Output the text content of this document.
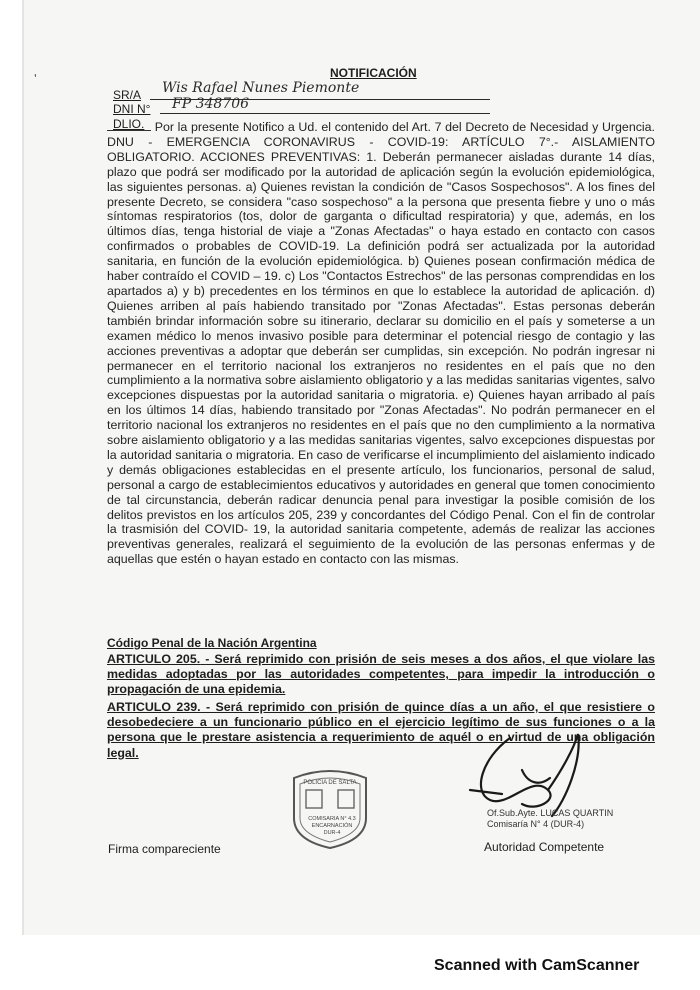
ʽ	NOTIFICACIÓN
SR/A Wis Rafael Nunes Piemonte
DNI N° FP 348706
DLIO. Por la presente Notifico a Ud. el contenido del Art. 7 del Decreto de Necesidad y Urgencia. DNU - EMERGENCIA CORONAVIRUS - COVID-19: ARTÍCULO 7°.- AISLAMIENTO OBLIGATORIO. ACCIONES PREVENTIVAS: 1. Deberán permanecer aisladas durante 14 días, plazo que podrá ser modificado por la autoridad de aplicación según la evolución epidemiológica, las siguientes personas. a) Quienes revistan la condición de "Casos Sospechosos". A los fines del presente Decreto, se considera "caso sospechoso" a la persona que presenta fiebre y uno o más síntomas respiratorios (tos, dolor de garganta o dificultad respiratoria) y que, además, en los últimos días, tenga historial de viaje a "Zonas Afectadas" o haya estado en contacto con casos confirmados o probables de COVID-19. La definición podrá ser actualizada por la autoridad sanitaria, en función de la evolución epidemiológica. b) Quienes posean confirmación médica de haber contraído el COVID – 19. c) Los "Contactos Estrechos" de las personas comprendidas en los apartados a) y b) precedentes en los términos en que lo establece la autoridad de aplicación. d) Quienes arriben al país habiendo transitado por "Zonas Afectadas". Estas personas deberán también brindar información sobre su itinerario, declarar su domicilio en el país y someterse a un examen médico lo menos invasivo posible para determinar el potencial riesgo de contagio y las acciones preventivas a adoptar que deberán ser cumplidas, sin excepción. No podrán ingresar ni permanecer en el territorio nacional los extranjeros no residentes en el país que no den cumplimiento a la normativa sobre aislamiento obligatorio y a las medidas sanitarias vigentes, salvo excepciones dispuestas por la autoridad sanitaria o migratoria. e) Quienes hayan arribado al país en los últimos 14 días, habiendo transitado por "Zonas Afectadas". No podrán permanecer en el territorio nacional los extranjeros no residentes en el país que no den cumplimiento a la normativa sobre aislamiento obligatorio y a las medidas sanitarias vigentes, salvo excepciones dispuestas por la autoridad sanitaria o migratoria. En caso de verificarse el incumplimiento del aislamiento indicado y demás obligaciones establecidas en el presente artículo, los funcionarios, personal de salud, personal a cargo de establecimientos educativos y autoridades en general que tomen conocimiento de tal circunstancia, deberán radicar denuncia penal para investigar la posible comisión de los delitos previstos en los artículos 205, 239 y concordantes del Código Penal. Con el fin de controlar la trasmisión del COVID- 19, la autoridad sanitaria competente, además de realizar las acciones preventivas generales, realizará el seguimiento de la evolución de las personas enfermas y de aquellas que estén o hayan estado en contacto con las mismas.

Código Penal de la Nación Argentina

ARTICULO 205. - Será reprimido con prisión de seis meses a dos años, el que violare las medidas adoptadas por las autoridades competentes, para impedir la introducción o propagación de una epidemia.

ARTICULO 239. - Será reprimido con prisión de quince días a un año, el que resistiere o desobedeciere a un funcionario público en el ejercicio legítimo de sus funciones o a la persona que le prestare asistencia a requerimiento de aquél o en virtud de una obligación legal.

POLICIA DE SALTA
COMISARIA N° 4.3
ENCARNACIÓN
DUR-4
Of.Sub.Ayte. LUCAS QUARTIN
Comisaría N° 4 (DUR-4)
Firma compareciente	Autoridad Competente
Scanned with CamScanner
